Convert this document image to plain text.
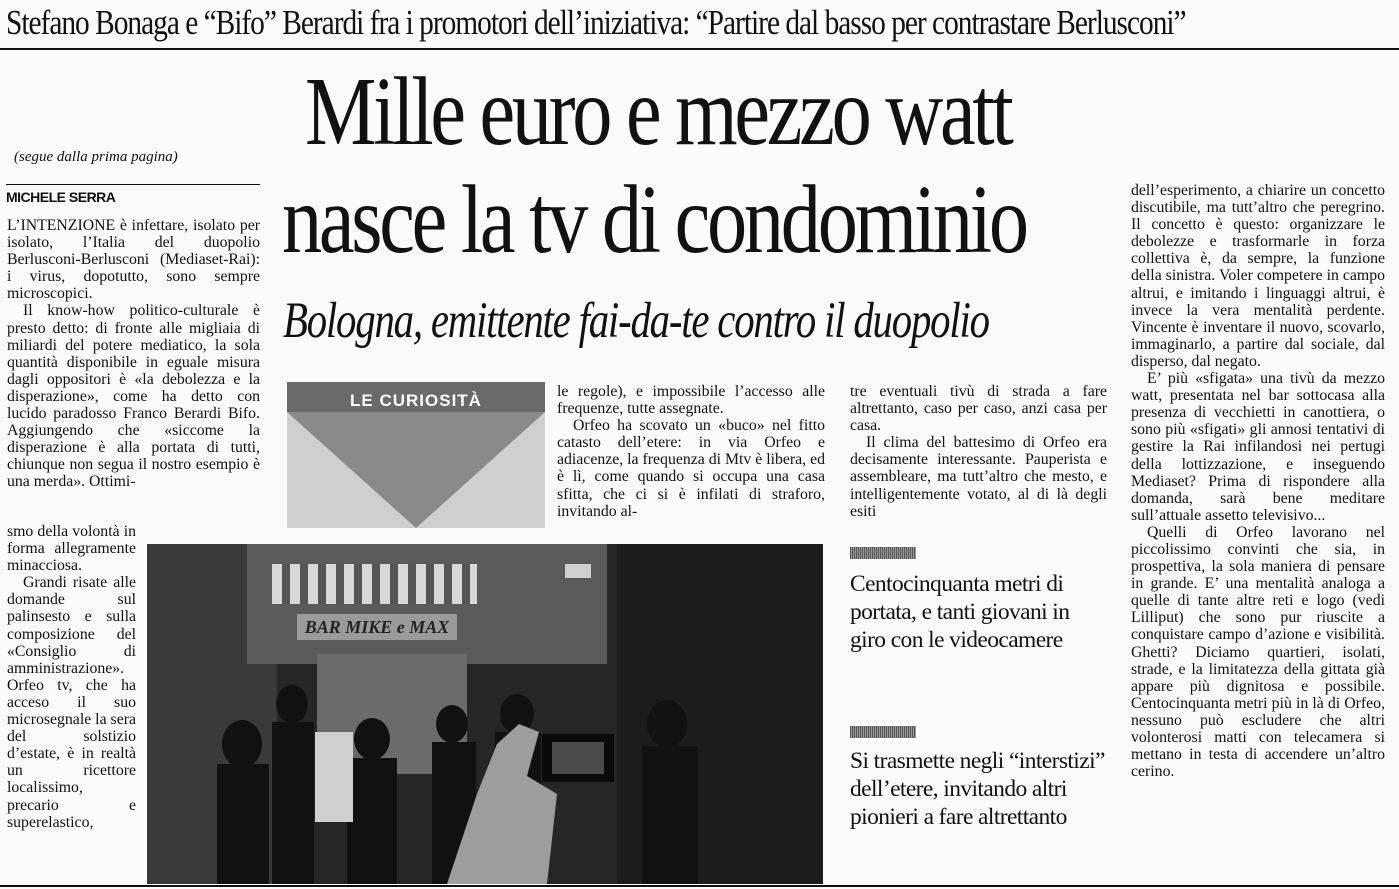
Stefano Bonaga e “Bifo” Berardi fra i promotori dell’iniziativa: “Partire dal basso per contrastare Berlusconi”
Mille euro e mezzo watt
nasce la tv di condominio
Bologna, emittente fai-da-te contro il duopolio
(segue dalla prima pagina)
MICHELE SERRA

L’INTENZIONE è infettare, isolato per isolato, l’Italia del duopolio Berlusconi-Berlusconi (Mediaset-Rai): i virus, dopotutto, sono sempre microscopici.

Il know-how politico-culturale è presto detto: di fronte alle migliaia di miliardi del potere mediatico, la sola quantità disponibile in eguale misura dagli oppositori è «la debolezza e la disperazione», come ha detto con lucido paradosso Franco Berardi Bifo. Aggiungendo che «siccome la disperazione è alla portata di tutti, chiunque non segua il nostro esempio è una merda». Ottimi-

smo della volontà in forma allegramente minacciosa.

Grandi risate alle domande sul palinsesto e sulla composizione del «Consiglio di amministrazione». Orfeo tv, che ha acceso il suo microsegnale la sera del solstizio d’estate, è in realtà un ricettore localissimo, precario e superelastico,

LE CURIOSITÀ	le regole), e impossibile l’accesso alle frequenze, tutte assegnate.

Orfeo ha scovato un «buco» nel fitto catasto dell’etere: in via Orfeo e adiacenze, la frequenza di Mtv è libera, ed è lì, come quando si occupa una casa sfitta, che ci si è infilati di straforo, invitando al-

tre eventuali tivù di strada a fare altrettanto, caso per caso, anzi casa per casa.

Il clima del battesimo di Orfeo era decisamente interessante. Pauperista e assembleare, ma tutt’altro che mesto, e intelligentemente votato, al di là degli esiti

BAR MIKE e MAX
Centocinquanta metri di portata, e tanti giovani in giro con le videocamere
Si trasmette negli “interstizi” dell’etere, invitando altri pionieri a fare altrettanto

dell’esperimento, a chiarire un concetto discutibile, ma tutt’altro che peregrino. Il concetto è questo: organizzare le debolezze e trasformarle in forza collettiva è, da sempre, la funzione della sinistra. Voler competere in campo altrui, e imitando i linguaggi altrui, è invece la vera mentalità perdente. Vincente è inventare il nuovo, scovarlo, immaginarlo, a partire dal sociale, dal disperso, dal negato.

E’ più «sfigata» una tivù da mezzo watt, presentata nel bar sottocasa alla presenza di vecchietti in canottiera, o sono più «sfigati» gli annosi tentativi di gestire la Rai infilandosi nei pertugi della lottizzazione, e inseguendo Mediaset? Prima di rispondere alla domanda, sarà bene meditare sull’attuale assetto televisivo...

Quelli di Orfeo lavorano nel piccolissimo convinti che sia, in prospettiva, la sola maniera di pensare in grande. E’ una mentalità analoga a quelle di tante altre reti e logo (vedi Lilliput) che sono pur riuscite a conquistare campo d’azione e visibilità. Ghetti? Diciamo quartieri, isolati, strade, e la limitatezza della gittata già appare più dignitosa e possibile. Centocinquanta metri più in là di Orfeo, nessuno può escludere che altri volonterosi matti con telecamera si mettano in testa di accendere un’altro cerino.
